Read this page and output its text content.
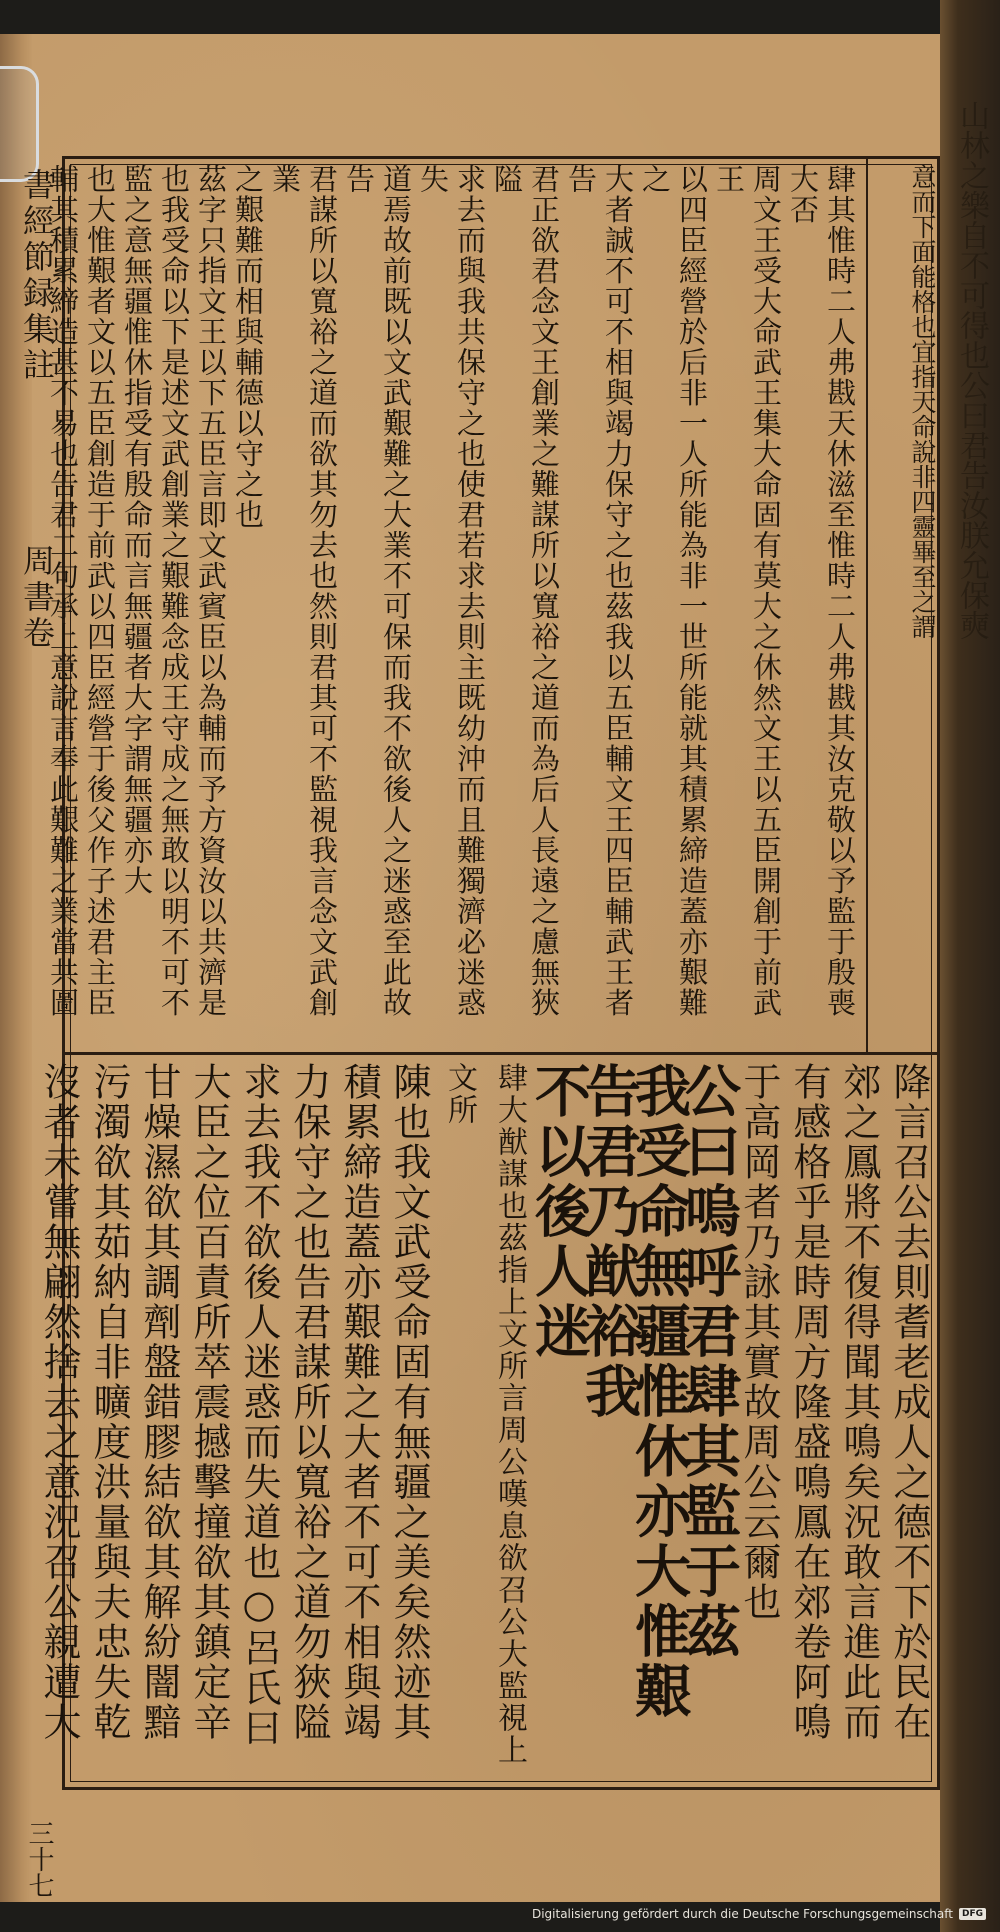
山林之樂自不可得也公曰君告汝朕允保奭
書經節録集註周書卷
三十七

意而下面能格也宜指天命說非四靈畢至之謂

肆其惟時二人弗戡天休滋至惟時二人弗戡其汝克敬以予監于殷喪大否

周文王受大命武王集大命固有莫大之休然文王以五臣開創于前武王

以四臣經營於后非一人所能為非一世所能就其積累締造蓋亦艱難之

大者誠不可不相與竭力保守之也茲我以五臣輔文王四臣輔武王者告

君正欲君念文王創業之難謀所以寬裕之道而為后人長遠之慮無狹隘

求去而與我共保守之也使君若求去則主既幼沖而且難獨濟必迷惑失

道焉故前既以文武艱難之大業不可保而我不欲後人之迷惑至此故告

君謀所以寬裕之道而欲其勿去也然則君其可不監視我言念文武創業

之艱難而相與輔德以守之也

茲字只指文王以下五臣言即文武賓臣以為輔而予方資汝以共濟是

也我受命以下是述文武創業之艱難念成王守成之無敢以明不可不

監之意無疆惟休指受有殷命而言無疆者大字謂無疆亦大

也大惟艱者文以五臣創造于前武以四臣經營于後父作子述君主臣

輔其積累締造甚不易也告君二句承上意說言奉此艱難之業當共圖

降言召公去則耆老成人之德不下於民在

郊之鳳將不復得聞其鳴矣況敢言進此而

有感格乎是時周方隆盛鳴鳳在郊卷阿鳴

于高岡者乃詠其實故周公云爾也

公曰嗚呼君肆其監于茲

我受命無疆惟休亦大惟艱告君乃猷裕我

不以後人迷

肆大猷謀也茲指上文所言周公嘆息欲召公大監視上文所

陳也我文武受命固有無疆之美矣然迹其

積累締造蓋亦艱難之大者不可不相與竭

力保守之也告君謀所以寬裕之道勿狹隘

求去我不欲後人迷惑而失道也○呂氏曰

大臣之位百責所萃震撼擊撞欲其鎮定辛

甘燥濕欲其調劑盤錯膠結欲其解紛闇黯

污濁欲其茹納自非曠度洪量與夫忠失乾

沒者未嘗無翩然捨去之意況召公親遭大

Digitalisierung gefördert durch die Deutsche Forschungsgemeinschaft	DFG
